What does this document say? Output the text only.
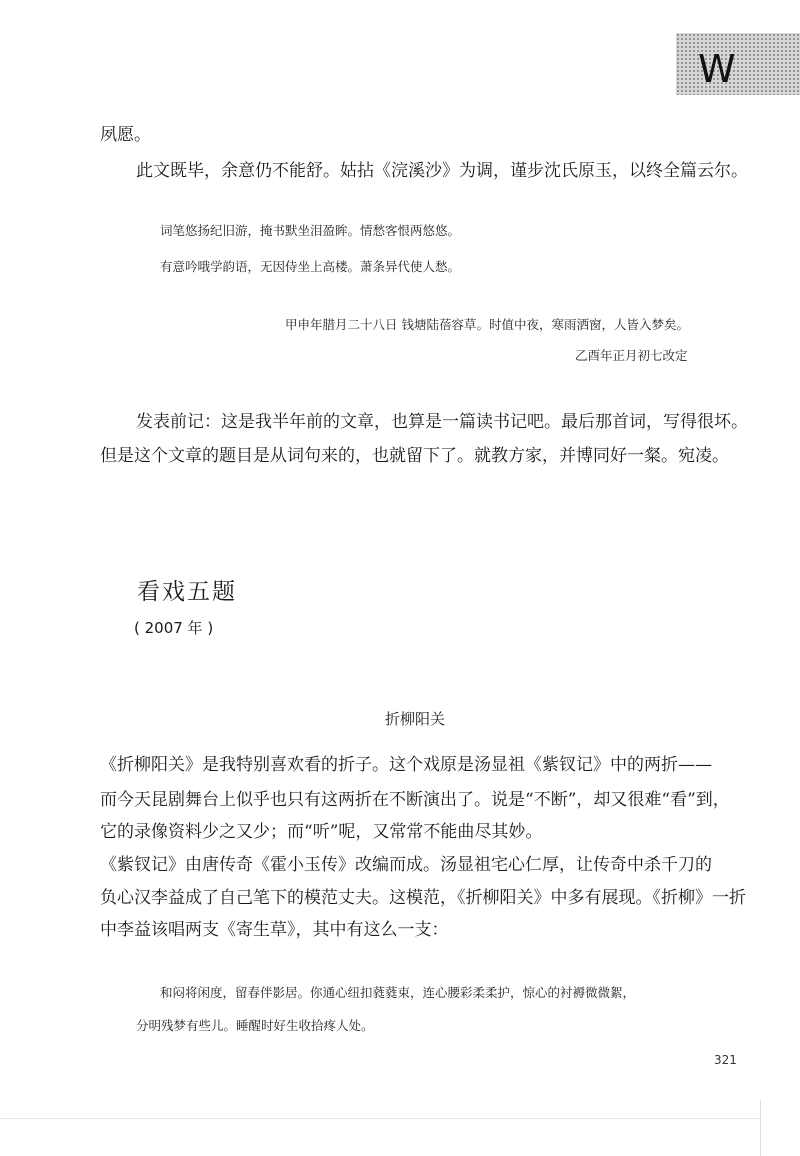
W

夙愿。

此文既毕，余意仍不能舒。姑拈《浣溪沙》为调，谨步沈氏原玉，以终全篇云尔。

词笔悠扬纪旧游，掩书默坐泪盈眸。情愁客恨两悠悠。

有意吟哦学韵语，无因侍坐上高楼。萧条异代使人愁。

甲申年腊月二十八日 钱塘陆蓓容草。时值中夜，寒雨洒窗，人皆入梦矣。

乙酉年正月初七改定

发表前记：这是我半年前的文章，也算是一篇读书记吧。最后那首词，写得很坏。

但是这个文章的题目是从词句来的，也就留下了。就教方家，并博同好一粲。宛凌。

看戏五题

( 2007 年 )

折柳阳关

《折柳阳关》是我特别喜欢看的折子。这个戏原是汤显祖《紫钗记》中的两折——

而今天昆剧舞台上似乎也只有这两折在不断演出了。说是“不断”，却又很难“看”到，

它的录像资料少之又少；而“听”呢，又常常不能曲尽其妙。

《紫钗记》由唐传奇《霍小玉传》改编而成。汤显祖宅心仁厚，让传奇中杀千刀的

负心汉李益成了自己笔下的模范丈夫。这模范，《折柳阳关》中多有展现。《折柳》一折

中李益该唱两支《寄生草》，其中有这么一支：

和闷将闲度，留春伴影居。你通心纽扣蕤蕤束，连心腰彩柔柔护，惊心的衬褥微微絮，

分明残梦有些儿。睡醒时好生收拾疼人处。

321
